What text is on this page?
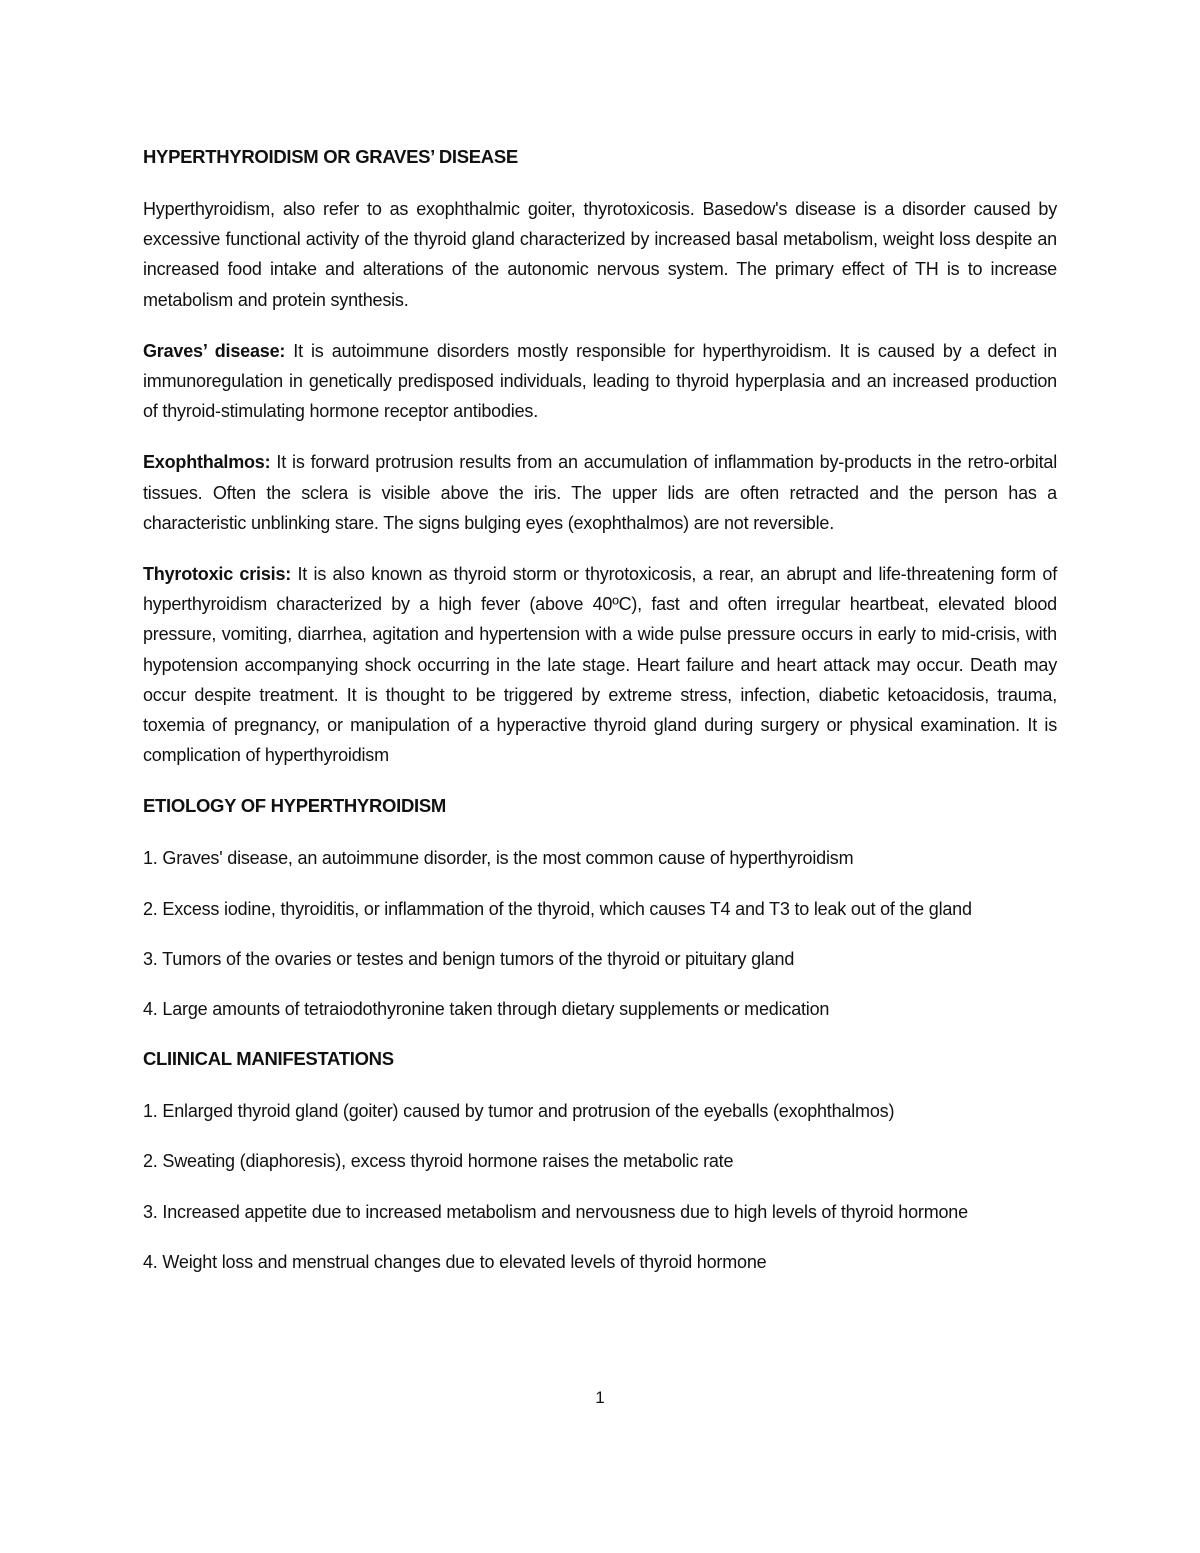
HYPERTHYROIDISM OR GRAVES’ DISEASE

Hyperthyroidism, also refer to as exophthalmic goiter, thyrotoxicosis. Basedow's disease is a disorder caused by excessive functional activity of the thyroid gland characterized by increased basal metabolism, weight loss despite an increased food intake and alterations of the autonomic nervous system. The primary effect of TH is to increase metabolism and protein synthesis.

Graves’ disease: It is autoimmune disorders mostly responsible for hyperthyroidism. It is caused by a defect in immunoregulation in genetically predisposed individuals, leading to thyroid hyperplasia and an increased production of thyroid-stimulating hormone receptor antibodies.

Exophthalmos: It is forward protrusion results from an accumulation of inflammation by-products in the retro-orbital tissues. Often the sclera is visible above the iris. The upper lids are often retracted and the person has a characteristic unblinking stare. The signs bulging eyes (exophthalmos) are not reversible.

Thyrotoxic crisis: It is also known as thyroid storm or thyrotoxicosis, a rear, an abrupt and life-threatening form of hyperthyroidism characterized by a high fever (above 40ºC), fast and often irregular heartbeat, elevated blood pressure, vomiting, diarrhea, agitation and hypertension with a wide pulse pressure occurs in early to mid-crisis, with hypotension accompanying shock occurring in the late stage. Heart failure and heart attack may occur. Death may occur despite treatment. It is thought to be triggered by extreme stress, infection, diabetic ketoacidosis, trauma, toxemia of pregnancy, or manipulation of a hyperactive thyroid gland during surgery or physical examination. It is complication of hyperthyroidism

ETIOLOGY OF HYPERTHYROIDISM

1. Graves' disease, an autoimmune disorder, is the most common cause of hyperthyroidism

2. Excess iodine, thyroiditis, or inflammation of the thyroid, which causes T4 and T3 to leak out of the gland

3. Tumors of the ovaries or testes and benign tumors of the thyroid or pituitary gland

4. Large amounts of tetraiodothyronine taken through dietary supplements or medication

CLIINICAL MANIFESTATIONS

1. Enlarged thyroid gland (goiter) caused by tumor and protrusion of the eyeballs (exophthalmos)

2. Sweating (diaphoresis), excess thyroid hormone raises the metabolic rate

3. Increased appetite due to increased metabolism and nervousness due to high levels of thyroid hormone

4. Weight loss and menstrual changes due to elevated levels of thyroid hormone

1
